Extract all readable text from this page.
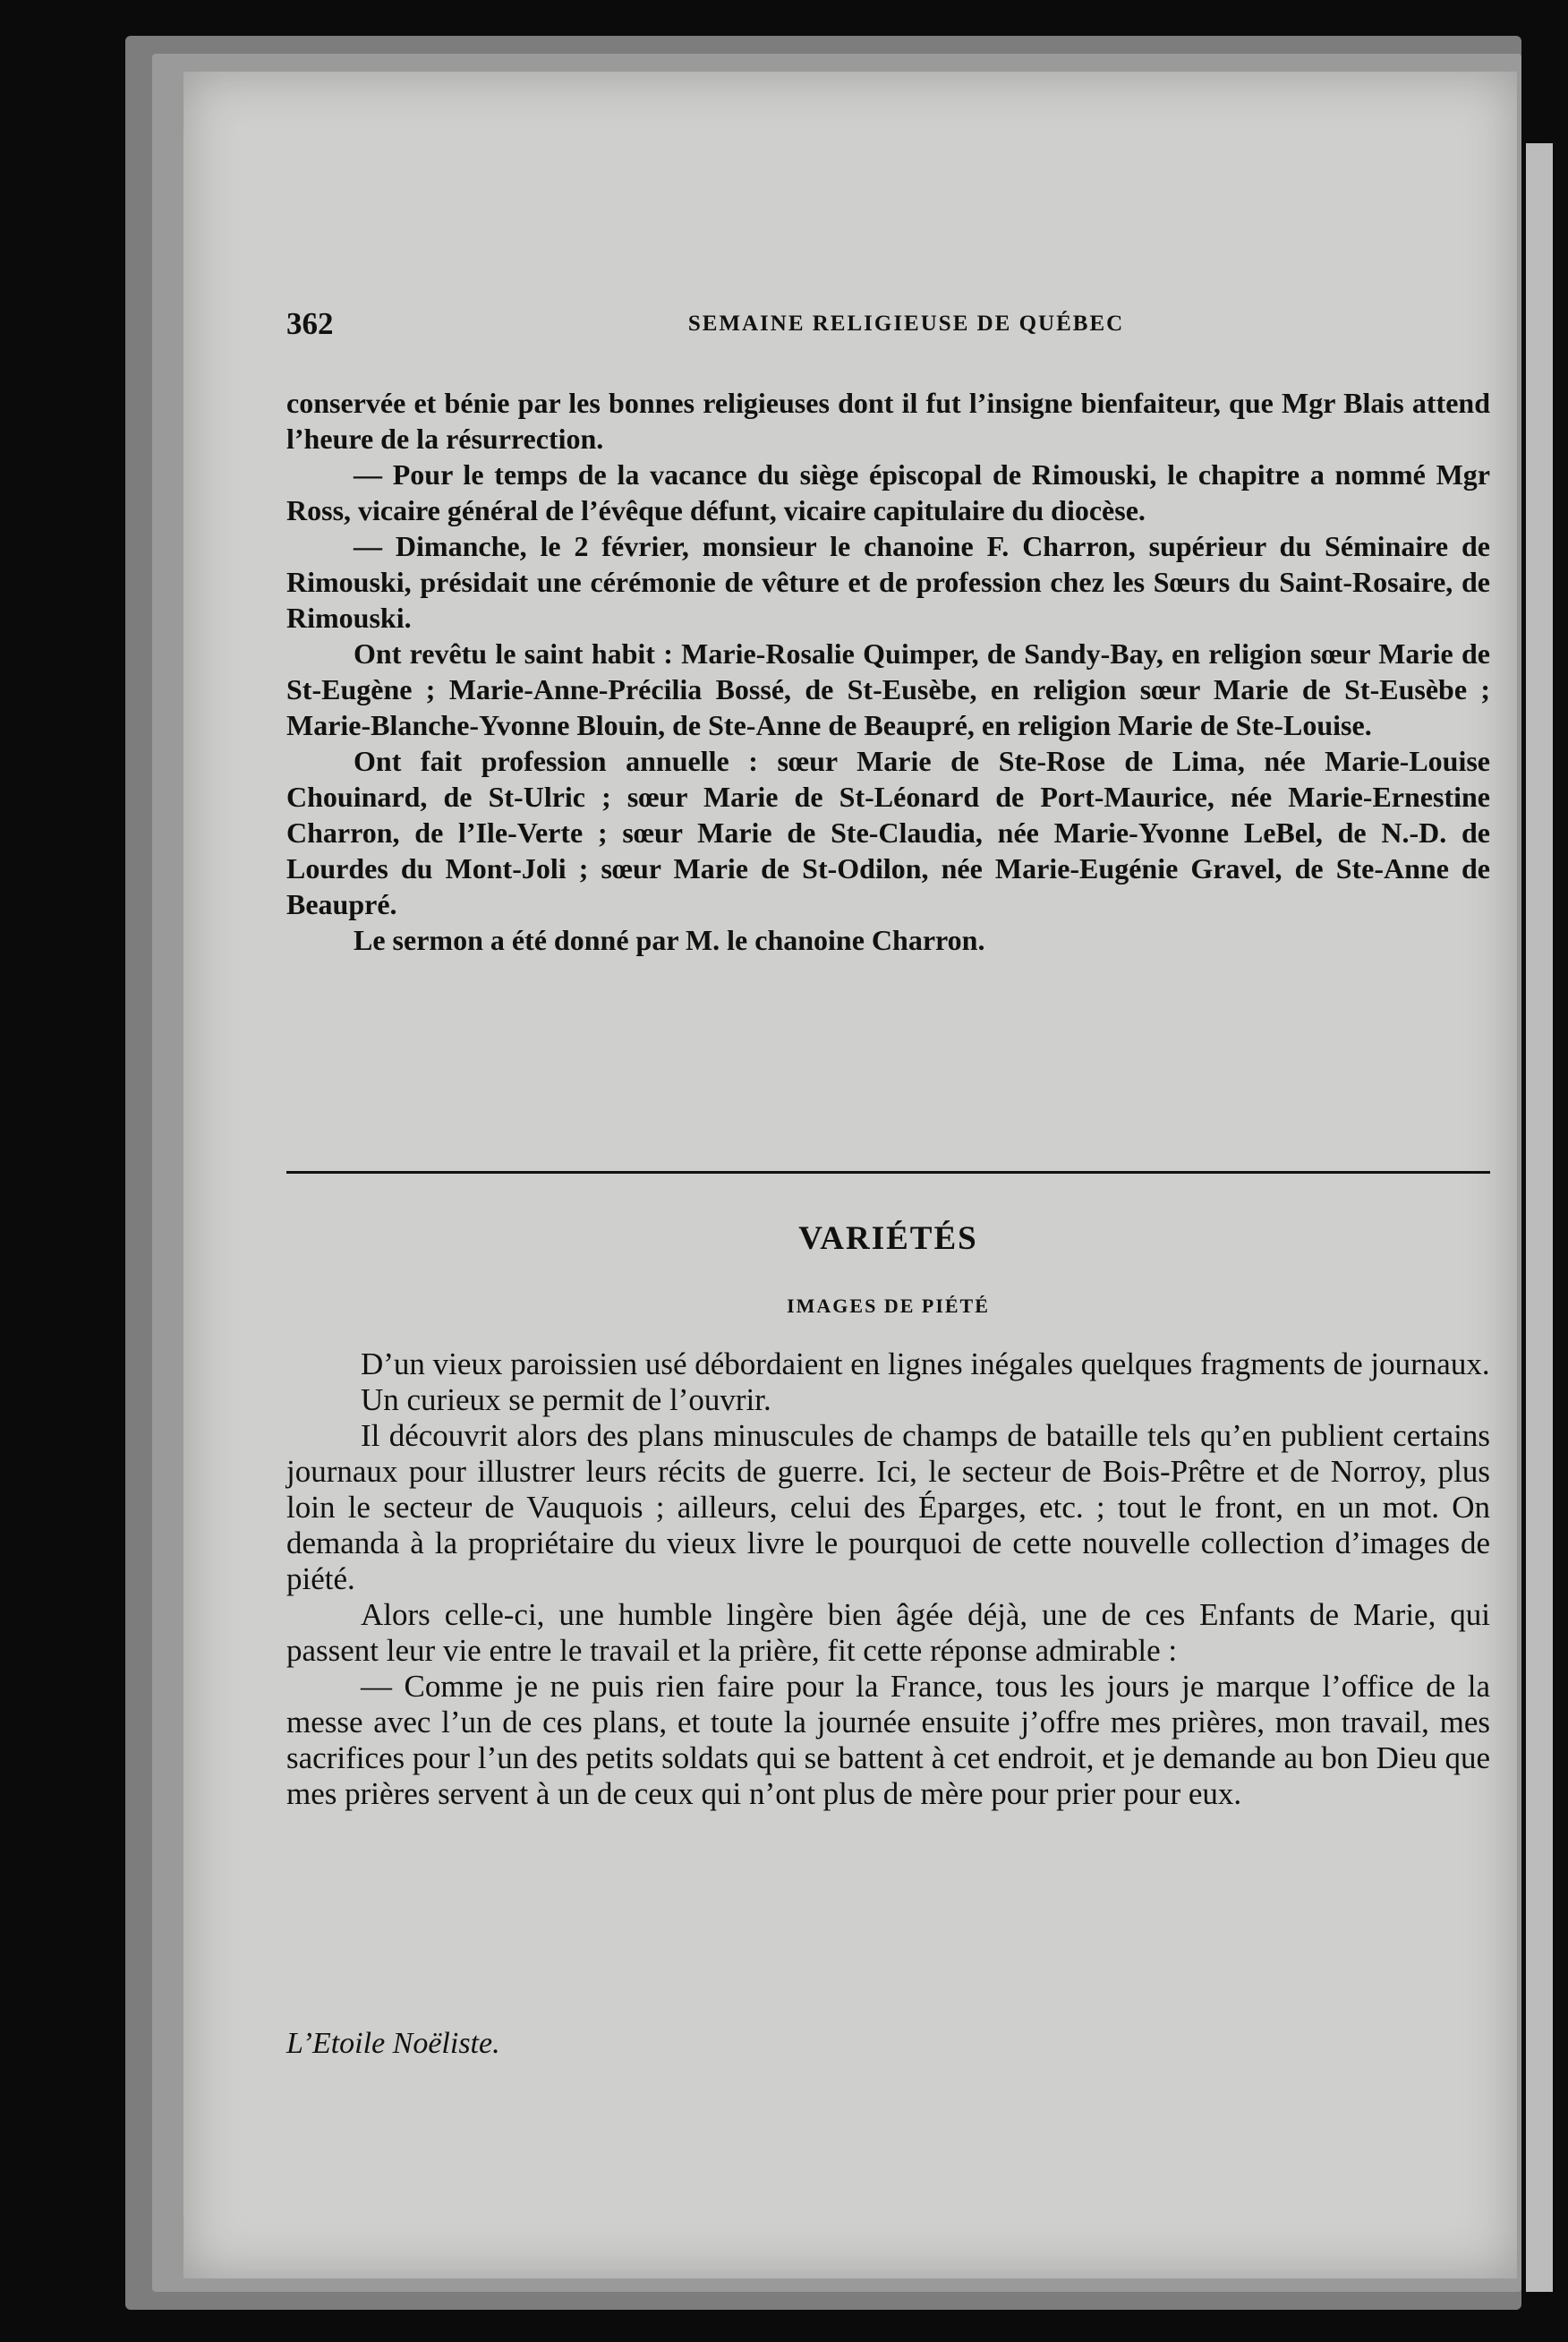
362	SEMAINE RELIGIEUSE DE QUÉBEC

conservée et bénie par les bonnes religieuses dont il fut l’insigne bienfaiteur, que Mgr Blais attend l’heure de la résurrection.

— Pour le temps de la vacance du siège épiscopal de Rimouski, le chapitre a nommé Mgr Ross, vicaire général de l’évêque défunt, vicaire capitulaire du diocèse.

— Dimanche, le 2 février, monsieur le chanoine F. Charron, supérieur du Séminaire de Rimouski, présidait une cérémonie de vêture et de profession chez les Sœurs du Saint-Rosaire, de Rimouski.

Ont revêtu le saint habit : Marie-Rosalie Quimper, de Sandy-Bay, en religion sœur Marie de St-Eugène ; Marie-Anne-Précilia Bossé, de St-Eusèbe, en religion sœur Marie de St-Eusèbe ; Marie-Blanche-Yvonne Blouin, de Ste-Anne de Beaupré, en religion Marie de Ste-Louise.

Ont fait profession annuelle : sœur Marie de Ste-Rose de Lima, née Marie-Louise Chouinard, de St-Ulric ; sœur Marie de St-Léonard de Port-Maurice, née Marie-Ernestine Charron, de l’Ile-Verte ; sœur Marie de Ste-Claudia, née Marie-Yvonne LeBel, de N.-D. de Lourdes du Mont-Joli ; sœur Marie de St-Odilon, née Marie-Eugénie Gravel, de Ste-Anne de Beaupré.

Le sermon a été donné par M. le chanoine Charron.

VARIÉTÉS
IMAGES DE PIÉTÉ

D’un vieux paroissien usé débordaient en lignes inégales quelques fragments de journaux.

Un curieux se permit de l’ouvrir.

Il découvrit alors des plans minuscules de champs de bataille tels qu’en publient certains journaux pour illustrer leurs récits de guerre. Ici, le secteur de Bois-Prêtre et de Norroy, plus loin le secteur de Vauquois ; ailleurs, celui des Éparges, etc. ; tout le front, en un mot. On demanda à la propriétaire du vieux livre le pourquoi de cette nouvelle collection d’images de piété.

Alors celle-ci, une humble lingère bien âgée déjà, une de ces Enfants de Marie, qui passent leur vie entre le travail et la prière, fit cette réponse admirable :

— Comme je ne puis rien faire pour la France, tous les jours je marque l’office de la messe avec l’un de ces plans, et toute la journée ensuite j’offre mes prières, mon travail, mes sacrifices pour l’un des petits soldats qui se battent à cet endroit, et je demande au bon Dieu que mes prières servent à un de ceux qui n’ont plus de mère pour prier pour eux.

L’Etoile Noëliste.
